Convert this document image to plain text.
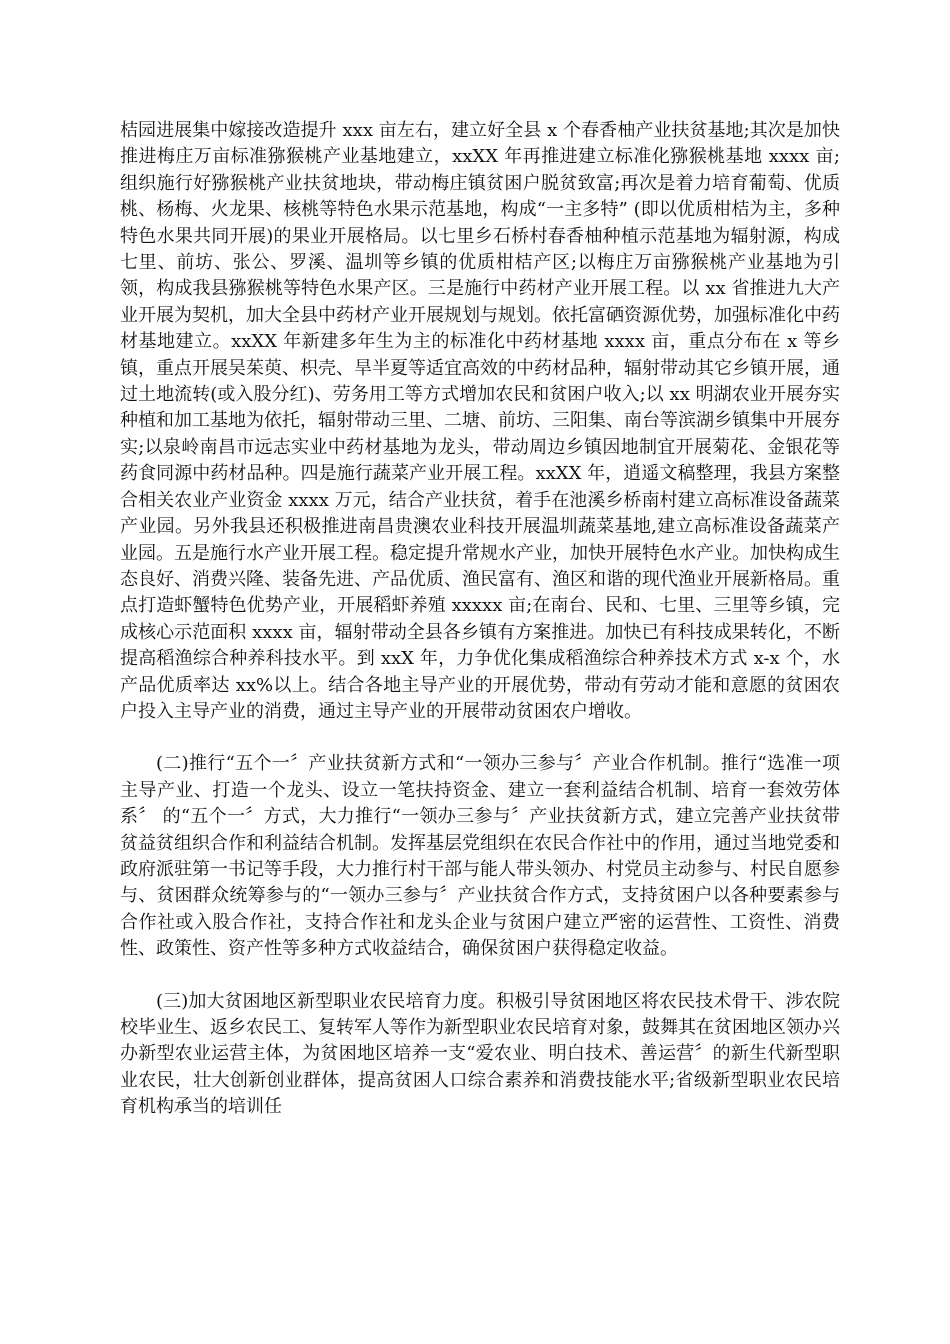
桔园进展集中嫁接改造提升 xxx 亩左右，建立好全县 x 个春香柚产业扶贫基地;其次是加快推进梅庄万亩标准猕猴桃产业基地建立，xxXX 年再推进建立标准化猕猴桃基地 xxxx 亩;组织施行好猕猴桃产业扶贫地块，带动梅庄镇贫困户脱贫致富;再次是着力培育葡萄、优质桃、杨梅、火龙果、核桃等特色水果示范基地，构成“一主多特” (即以优质柑桔为主，多种特色水果共同开展)的果业开展格局。以七里乡石桥村春香柚种植示范基地为辐射源，构成七里、前坊、张公、罗溪、温圳等乡镇的优质柑桔产区;以梅庄万亩猕猴桃产业基地为引领，构成我县猕猴桃等特色水果产区。三是施行中药材产业开展工程。以 xx 省推进九大产业开展为契机，加大全县中药材产业开展规划与规划。依托富硒资源优势，加强标准化中药材基地建立。xxXX 年新建多年生为主的标准化中药材基地 xxxx 亩，重点分布在 x 等乡镇，重点开展吴茱萸、枳壳、旱半夏等适宜高效的中药材品种，辐射带动其它乡镇开展，通过土地流转(或入股分红)、劳务用工等方式增加农民和贫困户收入;以 xx 明湖农业开展夯实种植和加工基地为依托，辐射带动三里、二塘、前坊、三阳集、南台等滨湖乡镇集中开展夯实;以泉岭南昌市远志实业中药材基地为龙头，带动周边乡镇因地制宜开展菊花、金银花等药食同源中药材品种。四是施行蔬菜产业开展工程。xxXX 年，逍遥文稿整理，我县方案整合相关农业产业资金 xxxx 万元，结合产业扶贫，着手在池溪乡桥南村建立高标准设备蔬菜产业园。另外我县还积极推进南昌贵澳农业科技开展温圳蔬菜基地,建立高标准设备蔬菜产业园。五是施行水产业开展工程。稳定提升常规水产业，加快开展特色水产业。加快构成生态良好、消费兴隆、装备先进、产品优质、渔民富有、渔区和谐的现代渔业开展新格局。重点打造虾蟹特色优势产业，开展稻虾养殖 xxxxx 亩;在南台、民和、七里、三里等乡镇，完成核心示范面积 xxxx 亩，辐射带动全县各乡镇有方案推进。加快已有科技成果转化，不断提高稻渔综合种养科技水平。到 xxX 年，力争优化集成稻渔综合种养技术方式 x-x 个，水产品优质率达 xx%以上。结合各地主导产业的开展优势，带动有劳动才能和意愿的贫困农户投入主导产业的消费，通过主导产业的开展带动贫困农户增收。

(二)推行“五个一〞产业扶贫新方式和“一领办三参与〞产业合作机制。推行“选准一项主导产业、打造一个龙头、设立一笔扶持资金、建立一套利益结合机制、培育一套效劳体系〞 的“五个一〞方式，大力推行“一领办三参与〞产业扶贫新方式，建立完善产业扶贫带贫益贫组织合作和利益结合机制。发挥基层党组织在农民合作社中的作用，通过当地党委和政府派驻第一书记等手段，大力推行村干部与能人带头领办、村党员主动参与、村民自愿参与、贫困群众统筹参与的“一领办三参与〞产业扶贫合作方式，支持贫困户以各种要素参与合作社或入股合作社，支持合作社和龙头企业与贫困户建立严密的运营性、工资性、消费性、政策性、资产性等多种方式收益结合，确保贫困户获得稳定收益。

(三)加大贫困地区新型职业农民培育力度。积极引导贫困地区将农民技术骨干、涉农院校毕业生、返乡农民工、复转军人等作为新型职业农民培育对象，鼓舞其在贫困地区领办兴办新型农业运营主体，为贫困地区培养一支“爱农业、明白技术、善运营〞的新生代新型职业农民，壮大创新创业群体，提高贫困人口综合素养和消费技能水平;省级新型职业农民培育机构承当的培训任
